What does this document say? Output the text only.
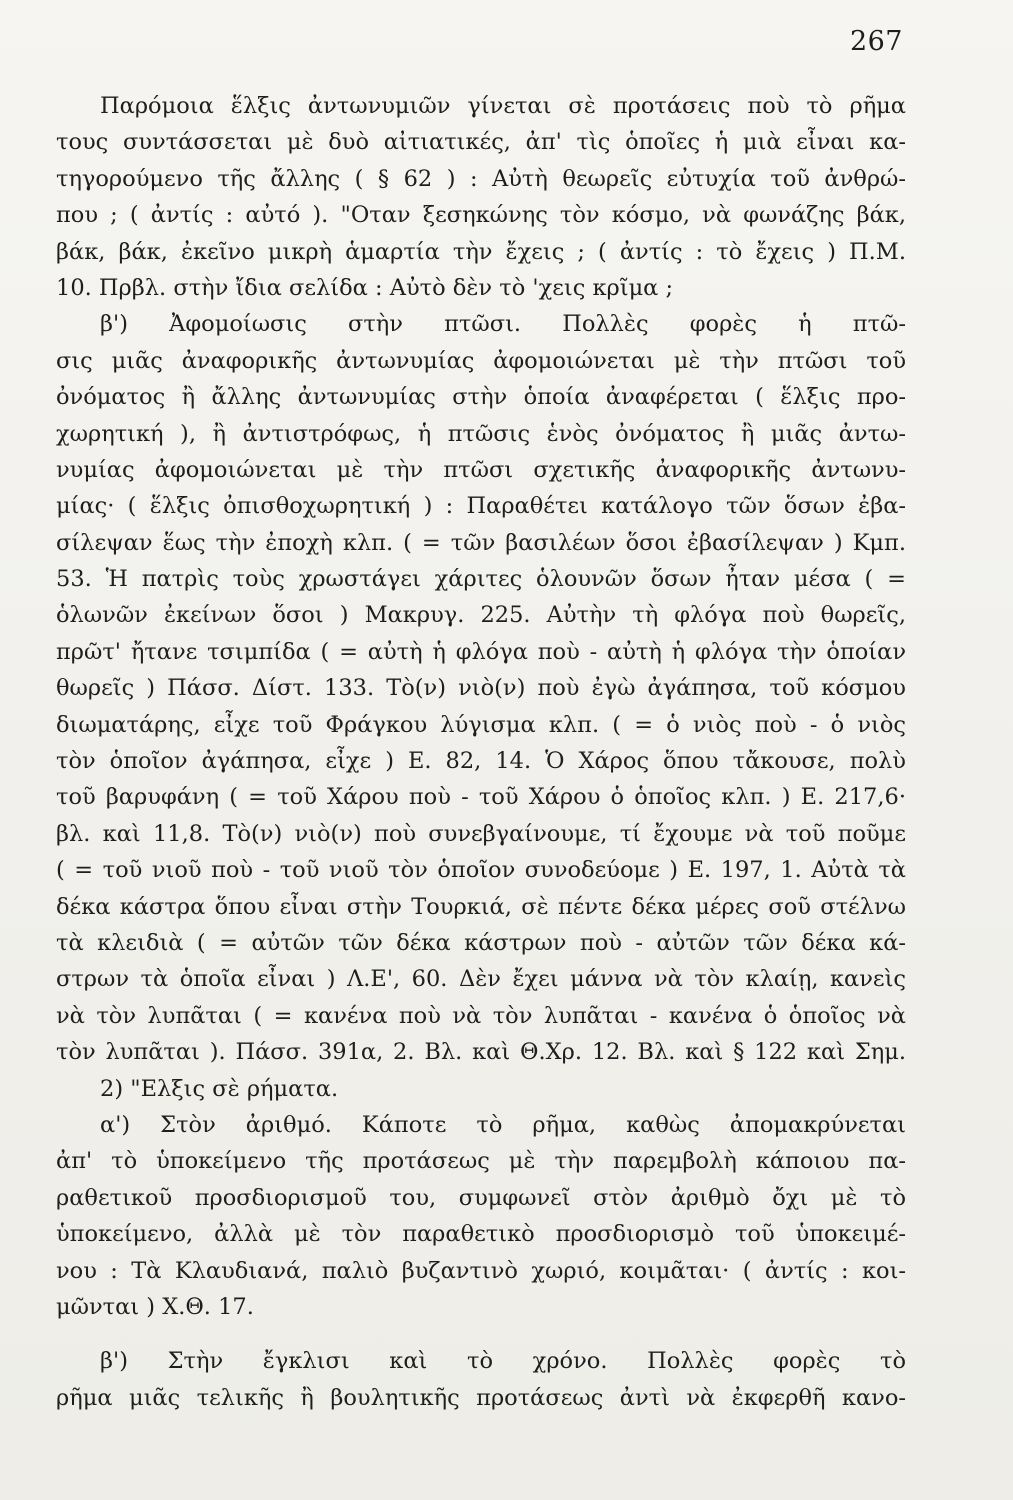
267
Παρόμοια ἕλξις ἀντωνυμιῶν γίνεται σὲ προτάσεις ποὺ τὸ ρῆμα
τους συντάσσεται μὲ δυὸ αἰτιατικές, ἀπ' τὶς ὁποῖες ἡ μιὰ εἶναι κα-
τηγορούμενο τῆς ἄλλης ( § 62 ) : Αὐτὴ θεωρεῖς εὐτυχία τοῦ ἀνθρώ-
που ; ( ἀντίς : αὐτό ). "Οταν ξεσηκώνης τὸν κόσμο, νὰ φωνάζης βάκ,
βάκ, βάκ, ἐκεῖνο μικρὴ ἁμαρτία τὴν ἔχεις ; ( ἀντίς : τὸ ἔχεις ) Π.Μ.
10. Πρβλ. στὴν ἴδια σελίδα : Αὐτὸ δὲν τὸ 'χεις κρῖμα ;
β') Ἀφομοίωσις στὴν πτῶσι. Πολλὲς φορὲς ἡ πτῶ-
σις μιᾶς ἀναφορικῆς ἀντωνυμίας ἀφομοιώνεται μὲ τὴν πτῶσι τοῦ
ὀνόματος ἢ ἄλλης ἀντωνυμίας στὴν ὁποία ἀναφέρεται ( ἕλξις προ-
χωρητική ), ἢ ἀντιστρόφως, ἡ πτῶσις ἑνὸς ὀνόματος ἢ μιᾶς ἀντω-
νυμίας ἀφομοιώνεται μὲ τὴν πτῶσι σχετικῆς ἀναφορικῆς ἀντωνυ-
μίας· ( ἕλξις ὀπισθοχωρητική ) : Παραθέτει κατάλογο τῶν ὅσων ἐβα-
σίλεψαν ἕως τὴν ἐποχὴ κλπ. ( = τῶν βασιλέων ὅσοι ἐβασίλεψαν ) Κμπ.
53. Ἡ πατρὶς τοὺς χρωστάγει χάριτες ὁλουνῶν ὅσων ἦταν μέσα ( =
ὁλωνῶν ἐκείνων ὅσοι ) Μακρυγ. 225. Αὐτὴν τὴ φλόγα ποὺ θωρεῖς,
πρῶτ' ἤτανε τσιμπίδα ( = αὐτὴ ἡ φλόγα ποὺ - αὐτὴ ἡ φλόγα τὴν ὁποίαν
θωρεῖς ) Πάσσ. Δίστ. 133. Τὸ(ν) νιὸ(ν) ποὺ ἐγὼ ἀγάπησα, τοῦ κόσμου
διωματάρης, εἶχε τοῦ Φράγκου λύγισμα κλπ. ( = ὁ νιὸς ποὺ - ὁ νιὸς
τὸν ὁποῖον ἀγάπησα, εἶχε ) Ε. 82, 14. Ὁ Χάρος ὅπου τἄκουσε, πολὺ
τοῦ βαρυφάνη ( = τοῦ Χάρου ποὺ - τοῦ Χάρου ὁ ὁποῖος κλπ. ) Ε. 217,6·
βλ. καὶ 11,8. Τὸ(ν) νιὸ(ν) ποὺ συνεβγαίνουμε, τί ἔχουμε νὰ τοῦ ποῦμε
( = τοῦ νιοῦ ποὺ - τοῦ νιοῦ τὸν ὁποῖον συνοδεύομε ) Ε. 197, 1. Αὐτὰ τὰ
δέκα κάστρα ὅπου εἶναι στὴν Τουρκιά, σὲ πέντε δέκα μέρες σοῦ στέλνω
τὰ κλειδιὰ ( = αὐτῶν τῶν δέκα κάστρων ποὺ - αὐτῶν τῶν δέκα κά-
στρων τὰ ὁποῖα εἶναι ) Λ.Ε', 60. Δὲν ἔχει μάννα νὰ τὸν κλαίῃ, κανεὶς
νὰ τὸν λυπᾶται ( = κανένα ποὺ νὰ τὸν λυπᾶται - κανένα ὁ ὁποῖος νὰ
τὸν λυπᾶται ). Πάσσ. 391α, 2. Βλ. καὶ Θ.Χρ. 12. Βλ. καὶ § 122 καὶ Σημ.
2) "Ελξις σὲ ρήματα.
α') Στὸν ἀριθμό. Κάποτε τὸ ρῆμα, καθὼς ἀπομακρύνεται
ἀπ' τὸ ὑποκείμενο τῆς προτάσεως μὲ τὴν παρεμβολὴ κάποιου πα-
ραθετικοῦ προσδιορισμοῦ του, συμφωνεῖ στὸν ἀριθμὸ ὄχι μὲ τὸ
ὑποκείμενο, ἀλλὰ μὲ τὸν παραθετικὸ προσδιορισμὸ τοῦ ὑποκειμέ-
νου : Τὰ Κλαυδιανά, παλιὸ βυζαντινὸ χωριό, κοιμᾶται· ( ἀντίς : κοι-
μῶνται ) Χ.Θ. 17.
β') Στὴν ἔγκλισι καὶ τὸ χρόνο. Πολλὲς φορὲς τὸ
ρῆμα μιᾶς τελικῆς ἢ βουλητικῆς προτάσεως ἀντὶ νὰ ἐκφερθῆ κανο-
